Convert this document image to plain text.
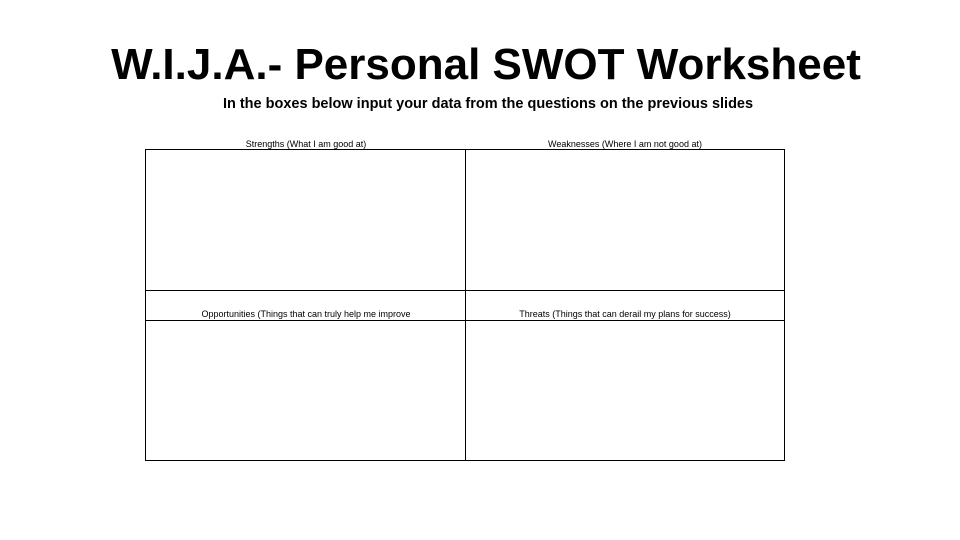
W.I.J.A.- Personal SWOT Worksheet
In the boxes below input your data from the questions on the previous slides
Strengths (What I am good at)	Weaknesses (Where I am not good at)
Opportunities (Things that can truly help me improve	Threats (Things that can derail my plans for success)
